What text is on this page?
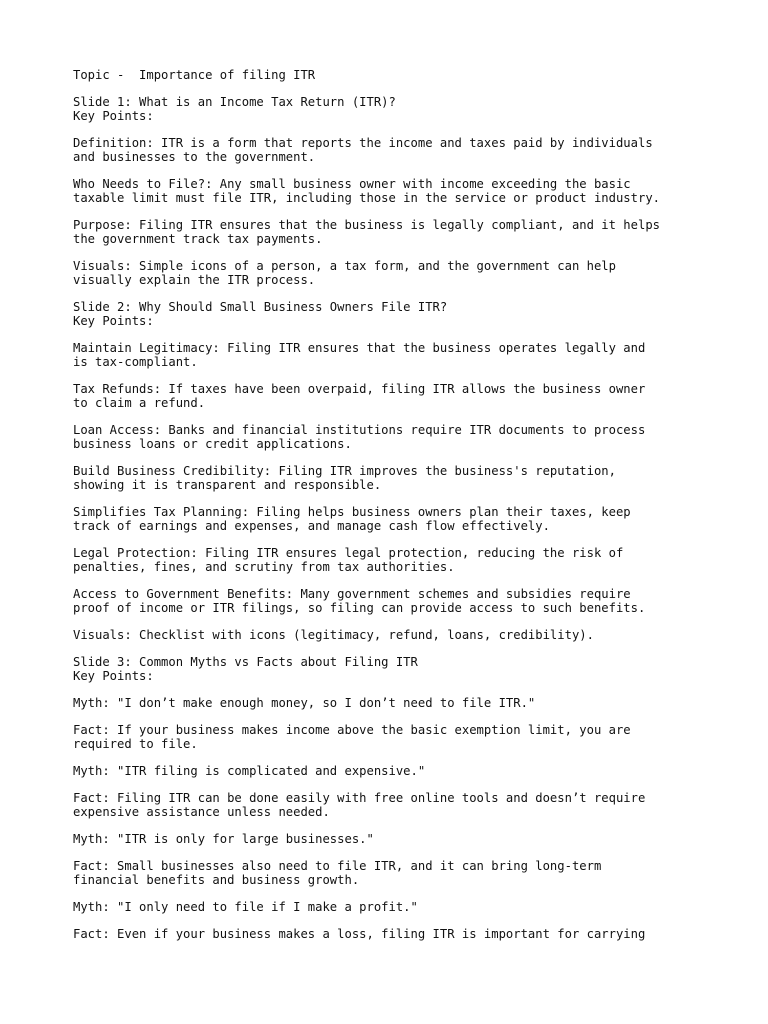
Topic -  Importance of filing ITR
Slide 1: What is an Income Tax Return (ITR)?
Key Points:
Definition: ITR is a form that reports the income and taxes paid by individuals
and businesses to the government.
Who Needs to File?: Any small business owner with income exceeding the basic
taxable limit must file ITR, including those in the service or product industry.
Purpose: Filing ITR ensures that the business is legally compliant, and it helps
the government track tax payments.
Visuals: Simple icons of a person, a tax form, and the government can help
visually explain the ITR process.
Slide 2: Why Should Small Business Owners File ITR?
Key Points:
Maintain Legitimacy: Filing ITR ensures that the business operates legally and
is tax-compliant.
Tax Refunds: If taxes have been overpaid, filing ITR allows the business owner
to claim a refund.
Loan Access: Banks and financial institutions require ITR documents to process
business loans or credit applications.
Build Business Credibility: Filing ITR improves the business's reputation,
showing it is transparent and responsible.
Simplifies Tax Planning: Filing helps business owners plan their taxes, keep
track of earnings and expenses, and manage cash flow effectively.
Legal Protection: Filing ITR ensures legal protection, reducing the risk of
penalties, fines, and scrutiny from tax authorities.
Access to Government Benefits: Many government schemes and subsidies require
proof of income or ITR filings, so filing can provide access to such benefits.
Visuals: Checklist with icons (legitimacy, refund, loans, credibility).
Slide 3: Common Myths vs Facts about Filing ITR
Key Points:
Myth: "I don’t make enough money, so I don’t need to file ITR."
Fact: If your business makes income above the basic exemption limit, you are
required to file.
Myth: "ITR filing is complicated and expensive."
Fact: Filing ITR can be done easily with free online tools and doesn’t require
expensive assistance unless needed.
Myth: "ITR is only for large businesses."
Fact: Small businesses also need to file ITR, and it can bring long-term
financial benefits and business growth.
Myth: "I only need to file if I make a profit."
Fact: Even if your business makes a loss, filing ITR is important for carrying
